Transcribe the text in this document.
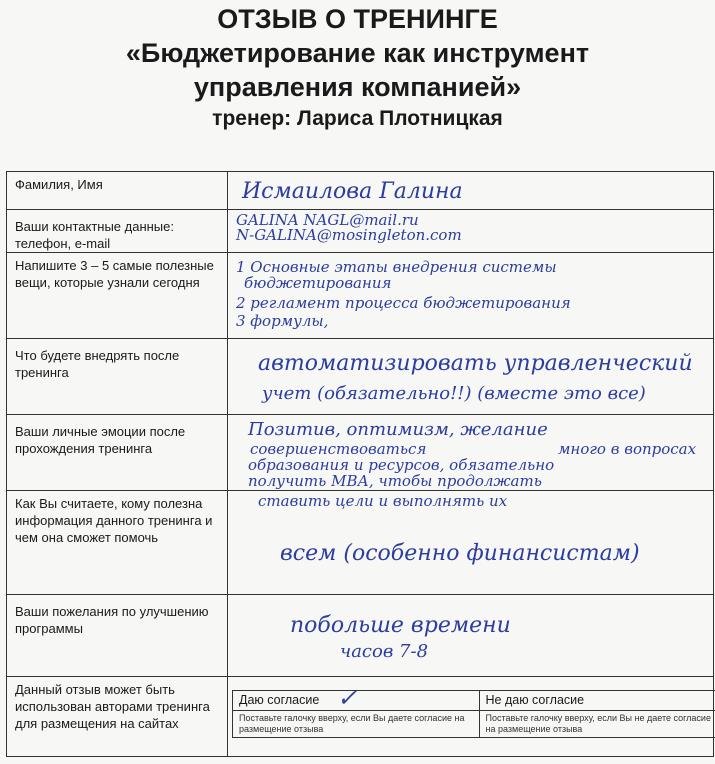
ОТЗЫВ О ТРЕНИНГЕ
«Бюджетирование как инструмент
управления компанией»
тренер: Лариса Плотницкая
Фамилия, Имя	Исмаилова Галина

Ваши контактные данные: телефон, e-mail	
GALINA NAGL@mail.ru
N-GALINA@mosingleton.com

Напишите 3 – 5 самые полезные вещи, которые узнали сегодня	
1 Основные этапы внедрения системы
бюджетирования
2 регламент процесса бюджетирования
3 формулы,

Что будете внедрять после тренинга	автоматизировать управленческий
учет (обязательно!!) (вместе это все)

Ваши личные эмоции после прохождения тренинга	
Позитив, оптимизм, желание
совершенствоваться	много в вопросах
образования и ресурсов, обязательно
получить МВА, чтобы продолжать

Как Вы считаете, кому полезна информация данного тренинга и чем она сможет помочь	
ставить цели и выполнять их
всем (особенно финансистам)

Ваши пожелания по улучшению программы	побольше времени
часов 7-8

Данный отзыв может быть использован авторами тренинга для размещения на сайтах	
Даю согласие ✓	Не даю согласие
Поставьте галочку вверху, если Вы даете согласие на размещение отзыва	Поставьте галочку вверху, если Вы не даете согласие на размещение отзыва
